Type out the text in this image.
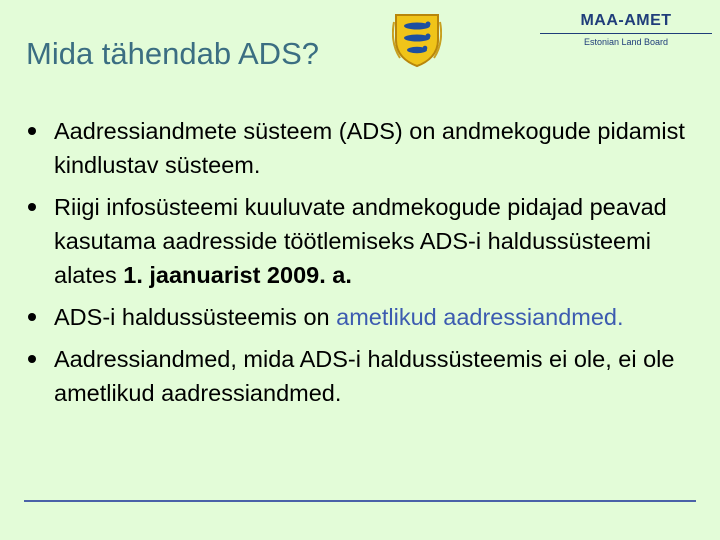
Mida tähendab ADS?
MAA-AMET
Estonian Land Board
Aadressiandmete süsteem (ADS) on andmekogude pidamist kindlustav süsteem.
Riigi infosüsteemi kuuluvate andmekogude pidajad peavad kasutama aadresside töötlemiseks ADS-i haldussüsteemi alates 1. jaanuarist 2009. a.
ADS-i haldussüsteemis on ametlikud aadressiandmed.
Aadressiandmed, mida ADS-i haldussüsteemis ei ole, ei ole ametlikud aadressiandmed.
